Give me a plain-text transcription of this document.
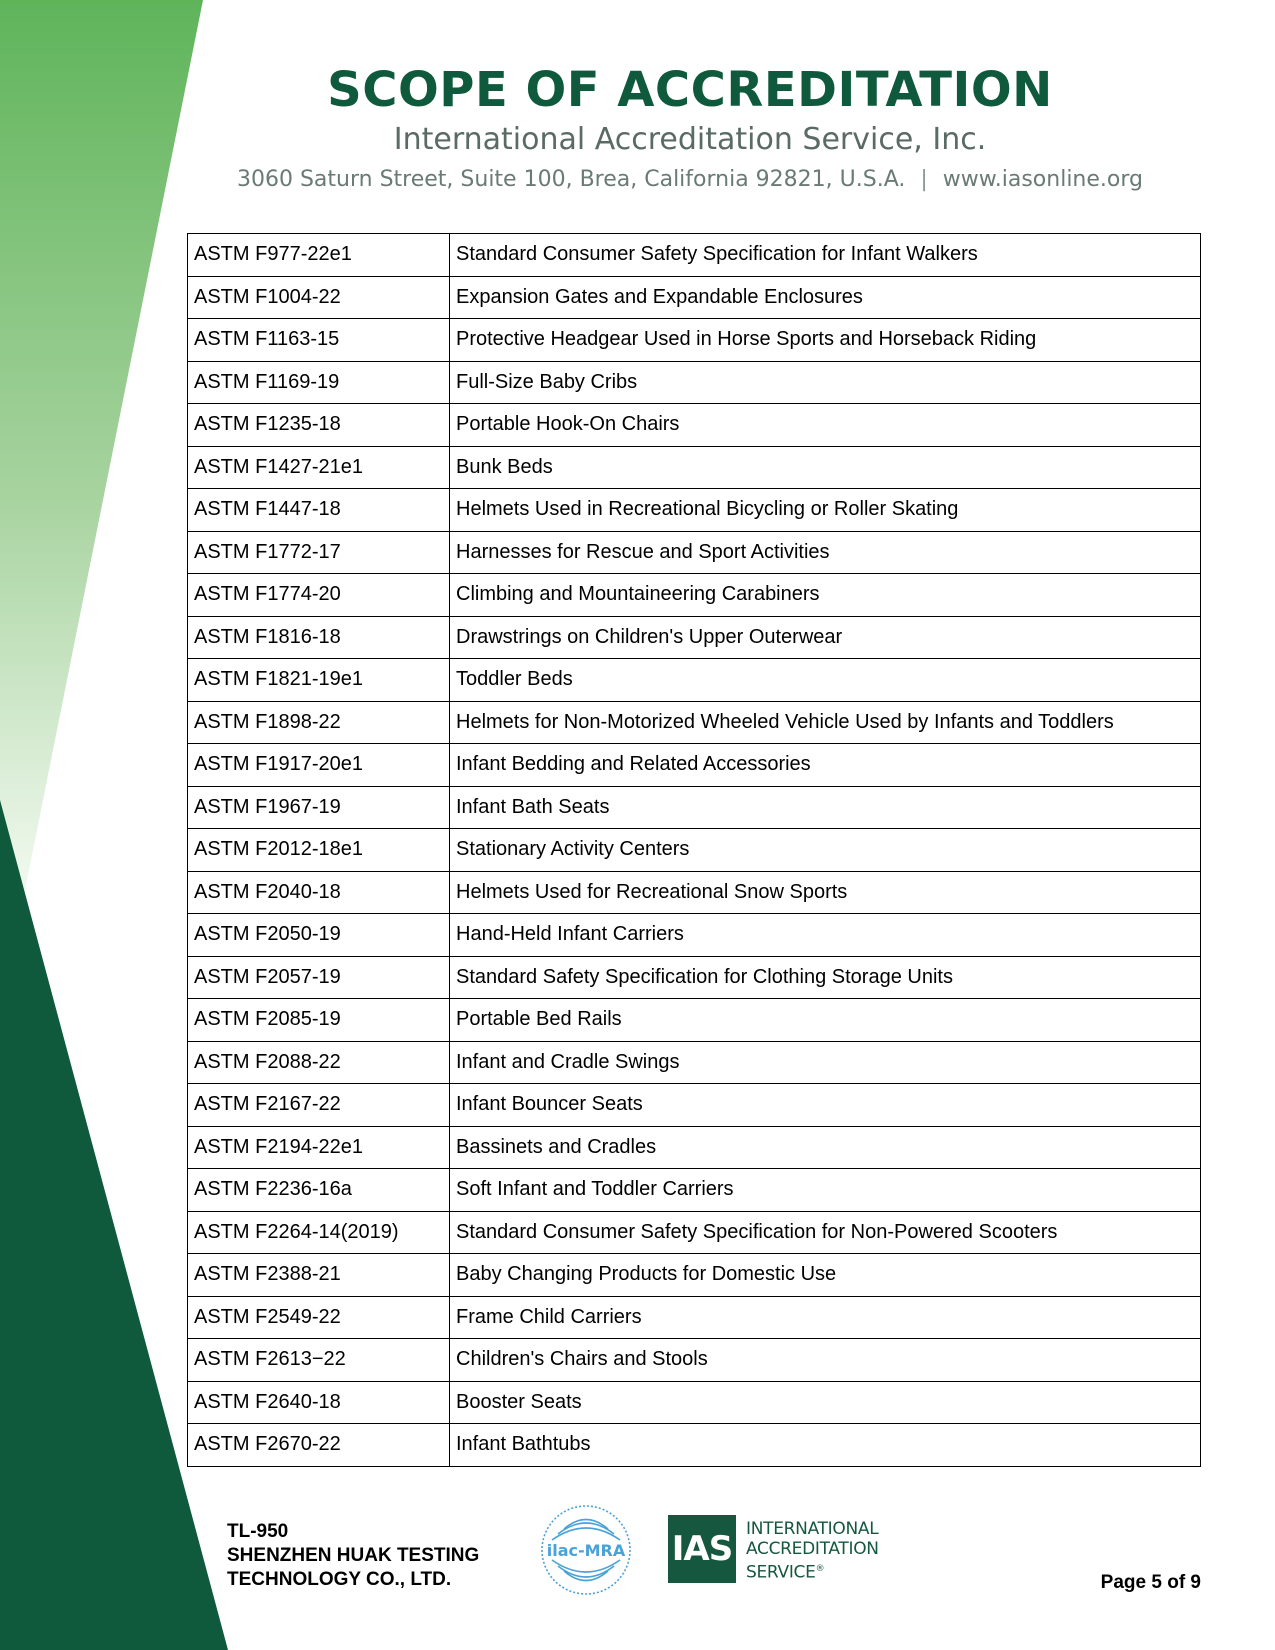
SCOPE OF ACCREDITATION
International Accreditation Service, Inc.
3060 Saturn Street, Suite 100, Brea, California 92821, U.S.A. | www.iasonline.org
ASTM F977-22e1	Standard Consumer Safety Specification for Infant Walkers
ASTM F1004-22	Expansion Gates and Expandable Enclosures
ASTM F1163-15	Protective Headgear Used in Horse Sports and Horseback Riding
ASTM F1169-19	Full-Size Baby Cribs
ASTM F1235-18	Portable Hook-On Chairs
ASTM F1427-21e1	Bunk Beds
ASTM F1447-18	Helmets Used in Recreational Bicycling or Roller Skating
ASTM F1772-17	Harnesses for Rescue and Sport Activities
ASTM F1774-20	Climbing and Mountaineering Carabiners
ASTM F1816-18	Drawstrings on Children's Upper Outerwear
ASTM F1821-19e1	Toddler Beds
ASTM F1898-22	Helmets for Non-Motorized Wheeled Vehicle Used by Infants and Toddlers
ASTM F1917-20e1	Infant Bedding and Related Accessories
ASTM F1967-19	Infant Bath Seats
ASTM F2012-18e1	Stationary Activity Centers
ASTM F2040-18	Helmets Used for Recreational Snow Sports
ASTM F2050-19	Hand-Held Infant Carriers
ASTM F2057-19	Standard Safety Specification for Clothing Storage Units
ASTM F2085-19	Portable Bed Rails
ASTM F2088-22	Infant and Cradle Swings
ASTM F2167-22	Infant Bouncer Seats
ASTM F2194-22e1	Bassinets and Cradles
ASTM F2236-16a	Soft Infant and Toddler Carriers
ASTM F2264-14(2019)	Standard Consumer Safety Specification for Non-Powered Scooters
ASTM F2388-21	Baby Changing Products for Domestic Use
ASTM F2549-22	Frame Child Carriers
ASTM F2613−22	Children's Chairs and Stools
ASTM F2640-18	Booster Seats
ASTM F2670-22	Infant Bathtubs
TL-950
SHENZHEN HUAK TESTING
TECHNOLOGY CO., LTD.
ilac-MRA IAS INTERNATIONAL
ACCREDITATION
SERVICE®
Page 5 of 9
